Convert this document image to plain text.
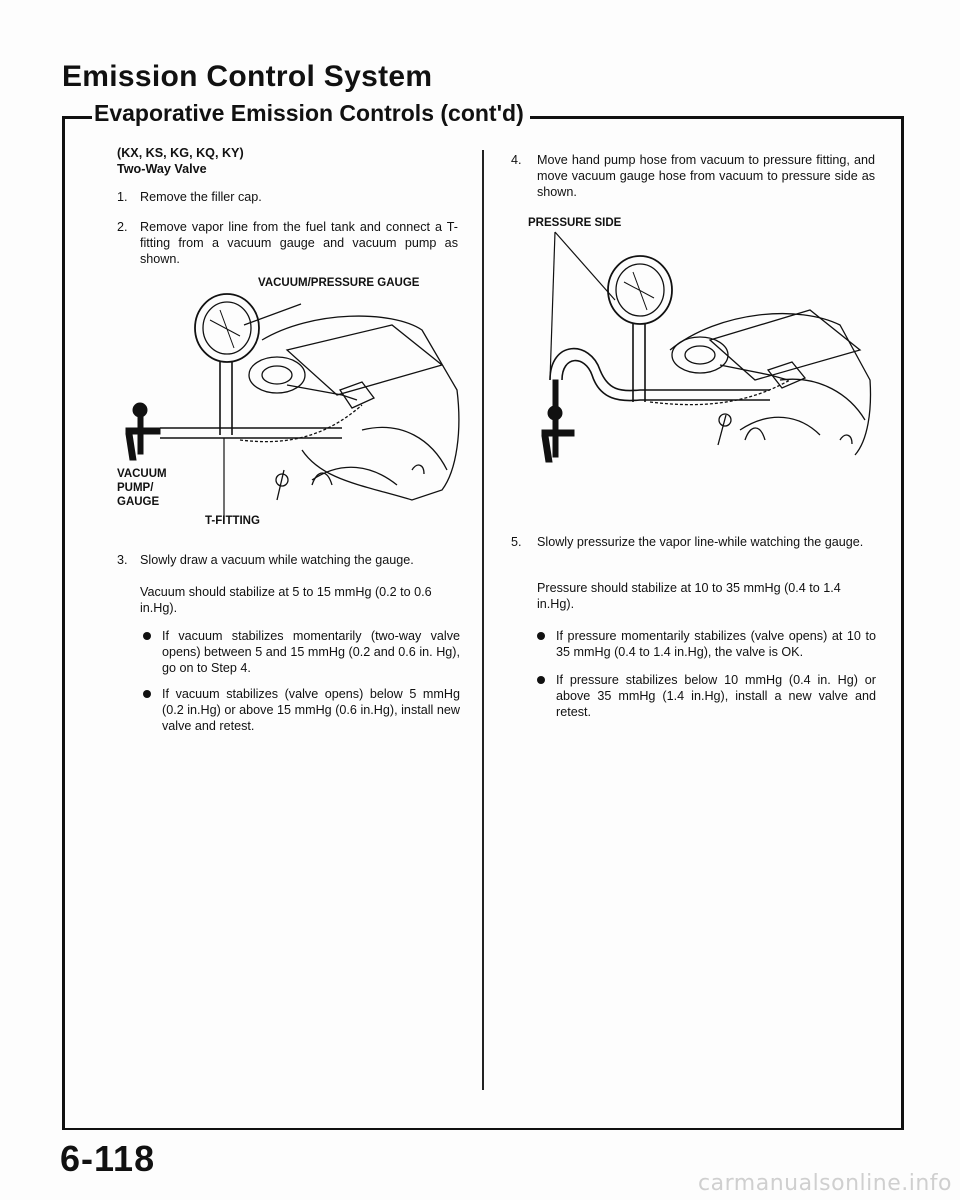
Emission Control System
Evaporative Emission Controls (cont'd)
(KX, KS, KG, KQ, KY)
Two-Way Valve
1. Remove the filler cap.
2. Remove vapor line from the fuel tank and connect a T-fitting from a vacuum gauge and vacuum pump as shown.
VACUUM/PRESSURE GAUGE
VACUUM
PUMP/
GAUGE
T-FITTING
3. Slowly draw a vacuum while watching the gauge.
Vacuum should stabilize at 5 to 15 mmHg (0.2 to 0.6 in.Hg).
If vacuum stabilizes momentarily (two-way valve opens) between 5 and 15 mmHg (0.2 and 0.6 in. Hg), go on to Step 4.
If vacuum stabilizes (valve opens) below 5 mmHg (0.2 in.Hg) or above 15 mmHg (0.6 in.Hg), install new valve and retest.
4. Move hand pump hose from vacuum to pressure fitting, and move vacuum gauge hose from vacuum to pressure side as shown.
PRESSURE SIDE
5. Slowly pressurize the vapor line-while watching the gauge.
Pressure should stabilize at 10 to 35 mmHg (0.4 to 1.4 in.Hg).
If pressure momentarily stabilizes (valve opens) at 10 to 35 mmHg (0.4 to 1.4 in.Hg), the valve is OK.
If pressure stabilizes below 10 mmHg (0.4 in. Hg) or above 35 mmHg (1.4 in.Hg), install a new valve and retest.
6-118
carmanualsonline.info
